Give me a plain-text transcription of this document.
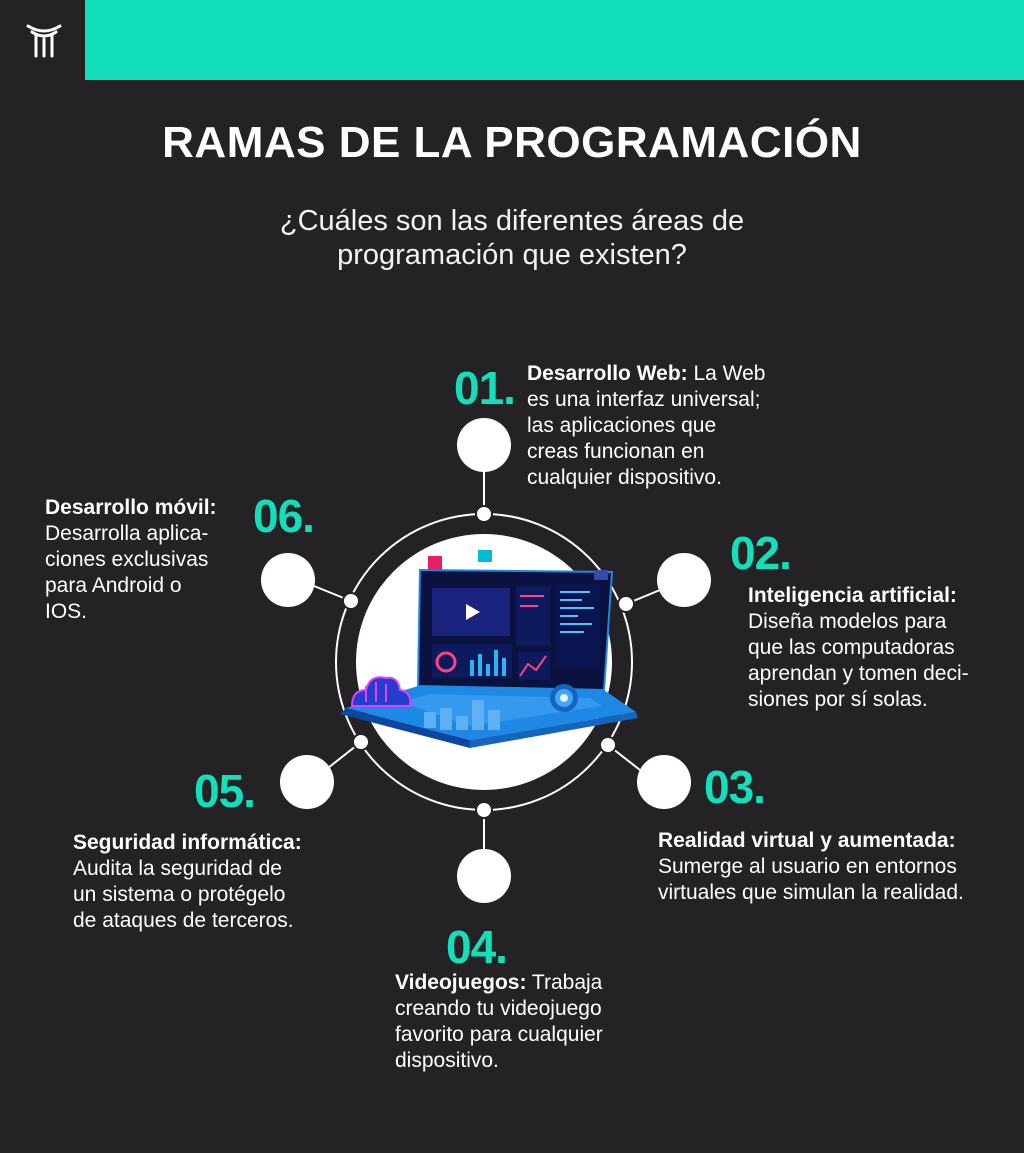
RAMAS DE LA PROGRAMACIÓN
¿Cuáles son las diferentes áreas de
programación que existen?
01. Desarrollo Web: La Web
es una interfaz universal;
las aplicaciones que
creas funcionan en
cualquier dispositivo.
02.
Inteligencia artificial:
Diseña modelos para
que las computadoras
aprendan y tomen deci-
siones por sí solas.
03.
Realidad virtual y aumentada:
Sumerge al usuario en entornos
virtuales que simulan la realidad.
04.
Videojuegos: Trabaja
creando tu videojuego
favorito para cualquier
dispositivo.
05.
Seguridad informática:
Audita la seguridad de
un sistema o protégelo
de ataques de terceros.
06.
Desarrollo móvil:
Desarrolla aplica-
ciones exclusivas
para Android o
IOS.
